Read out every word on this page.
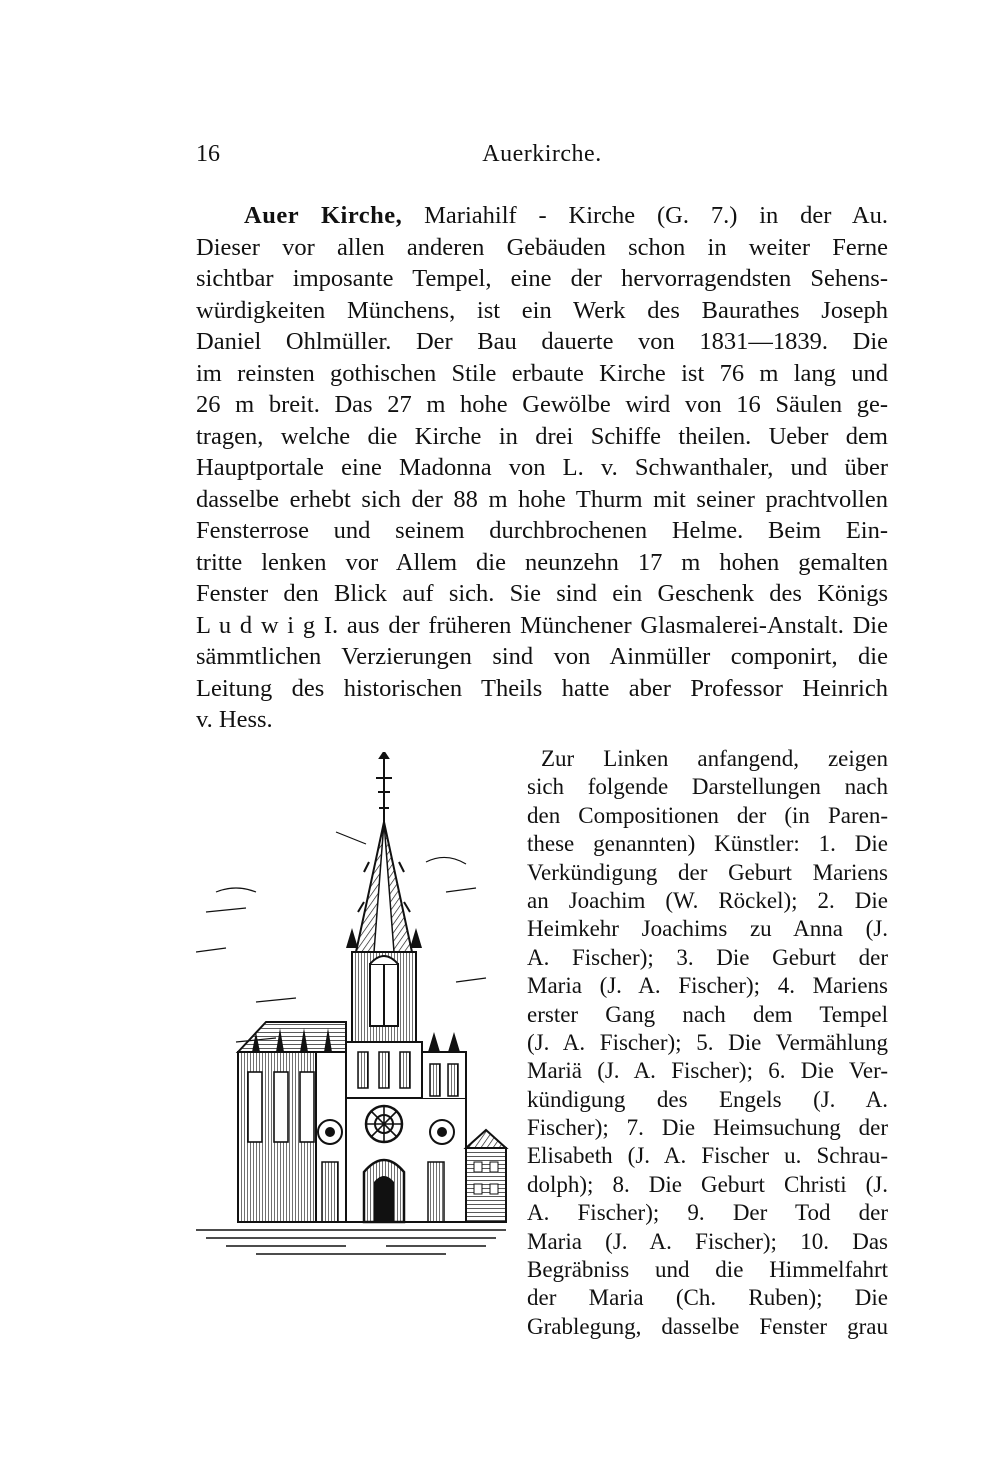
16	Auerkirche.
Auer Kirche, Mariahilf - Kirche (G. 7.) in der Au.
Dieser vor allen anderen Gebäuden schon in weiter Ferne
sichtbar imposante Tempel, eine der hervorragendsten Sehens-
würdigkeiten Münchens, ist ein Werk des Baurathes Joseph
Daniel Ohlmüller. Der Bau dauerte von 1831—1839. Die
im reinsten gothischen Stile erbaute Kirche ist 76 m lang und
26 m breit. Das 27 m hohe Gewölbe wird von 16 Säulen ge-
tragen, welche die Kirche in drei Schiffe theilen. Ueber dem
Hauptportale eine Madonna von L. v. Schwanthaler, und über
dasselbe erhebt sich der 88 m hohe Thurm mit seiner prachtvollen
Fensterrose und seinem durchbrochenen Helme. Beim Ein-
tritte lenken vor Allem die neunzehn 17 m hohen gemalten
Fenster den Blick auf sich. Sie sind ein Geschenk des Königs
L u d w i g I. aus der früheren Münchener Glasmalerei-Anstalt. Die
sämmtlichen Verzierungen sind von Ainmüller componirt, die
Leitung des historischen Theils hatte aber Professor Heinrich
v. Hess.
Zur Linken anfangend, zeigen
sich folgende Darstellungen nach
den Compositionen der (in Paren-
these genannten) Künstler: 1. Die
Verkündigung der Geburt Mariens
an Joachim (W. Röckel); 2. Die
Heimkehr Joachims zu Anna (J.
A. Fischer); 3. Die Geburt der
Maria (J. A. Fischer); 4. Mariens
erster Gang nach dem Tempel
(J. A. Fischer); 5. Die Vermählung
Mariä (J. A. Fischer); 6. Die Ver-
kündigung des Engels (J. A.
Fischer); 7. Die Heimsuchung der
Elisabeth (J. A. Fischer u. Schrau-
dolph); 8. Die Geburt Christi (J.
A. Fischer); 9. Der Tod der
Maria (J. A. Fischer); 10. Das
Begräbniss und die Himmelfahrt
der Maria (Ch. Ruben); Die
Grablegung, dasselbe Fenster grau
